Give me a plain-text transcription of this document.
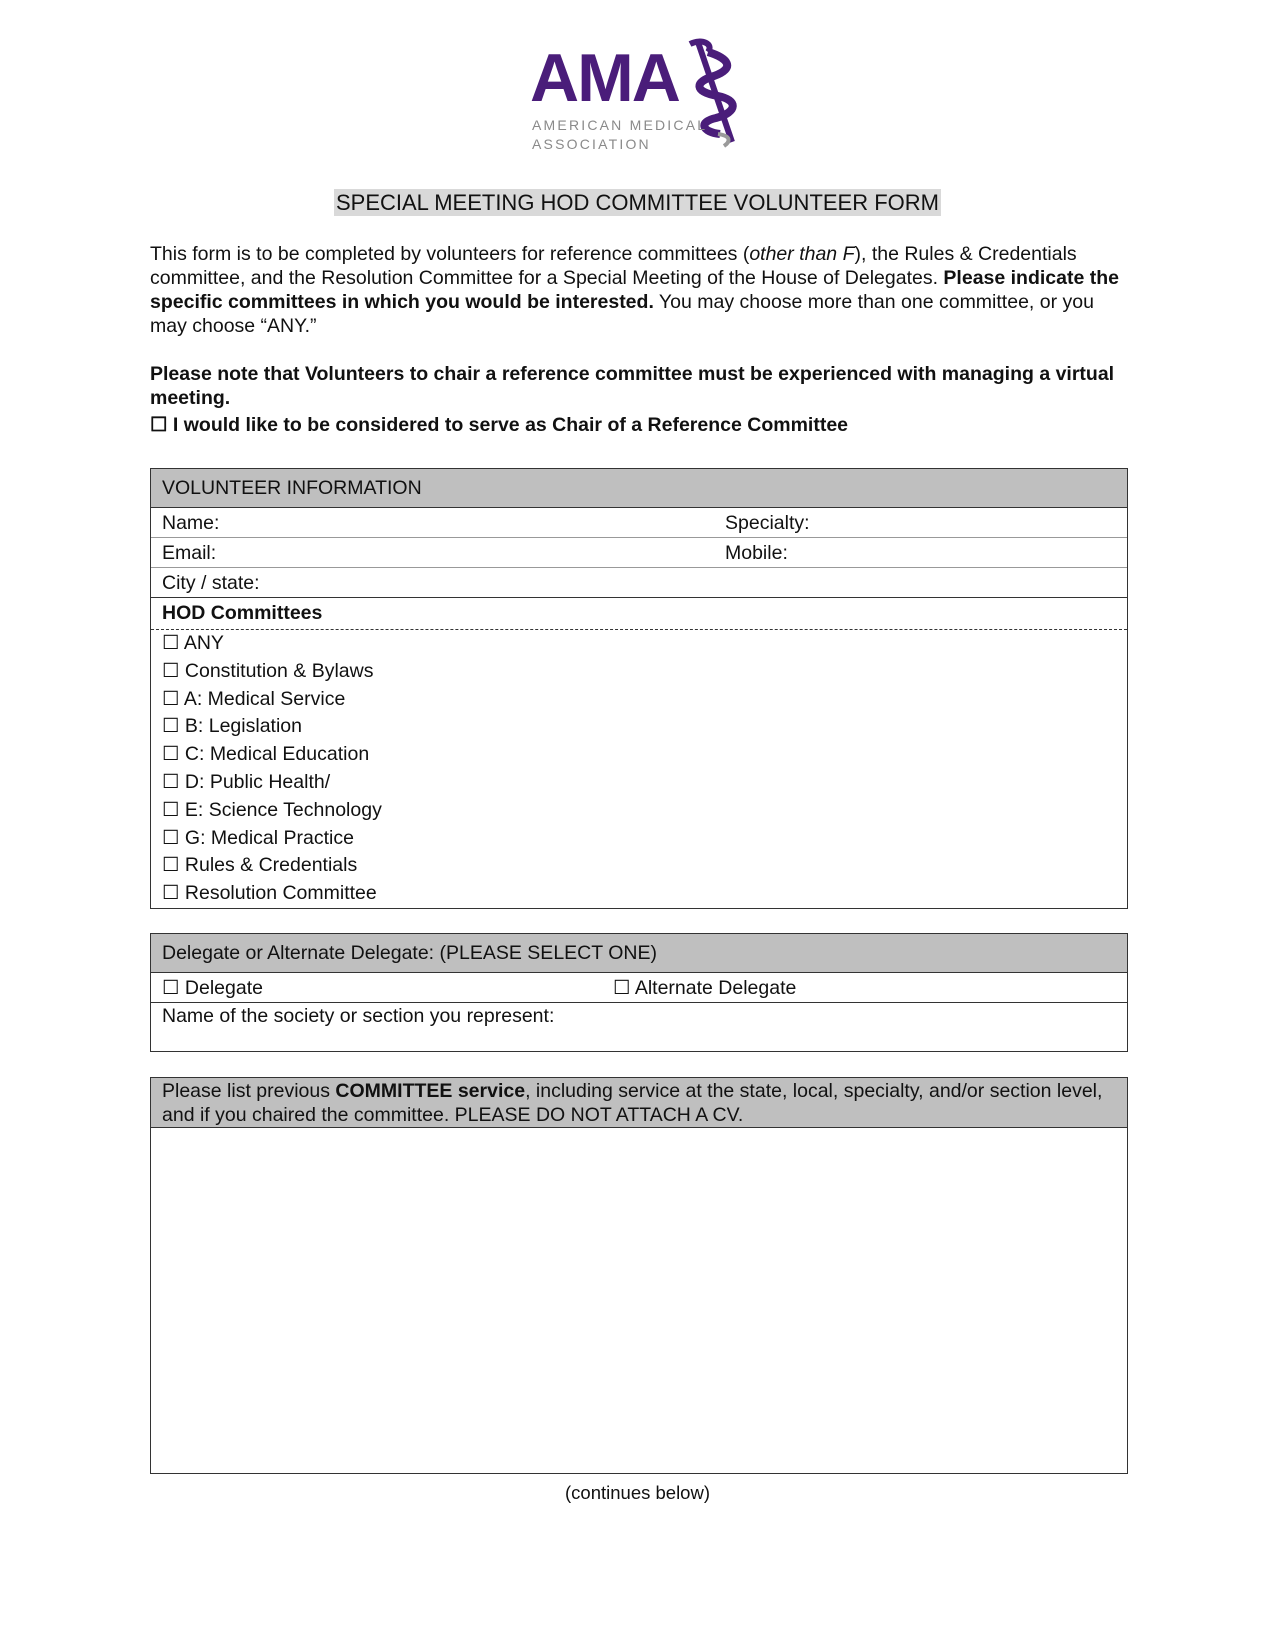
AMA
AMERICAN MEDICAL
ASSOCIATION
SPECIAL MEETING HOD COMMITTEE VOLUNTEER FORM
This form is to be completed by volunteers for reference committees (other than F), the Rules & Credentials committee, and the Resolution Committee for a Special Meeting of the House of Delegates. Please indicate the specific committees in which you would be interested. You may choose more than one committee, or you may choose “ANY.”
Please note that Volunteers to chair a reference committee must be experienced with managing a virtual meeting.
☐ I would like to be considered to serve as Chair of a Reference Committee
VOLUNTEER INFORMATION
Name:	Specialty:
Email:	Mobile:
City / state:
HOD Committees
☐ ANY
☐ Constitution & Bylaws
☐ A: Medical Service
☐ B: Legislation
☐ C: Medical Education
☐ D: Public Health/
☐ E: Science Technology
☐ G: Medical Practice
☐ Rules & Credentials
☐ Resolution Committee
Delegate or Alternate Delegate: (PLEASE SELECT ONE)
☐ Delegate	☐ Alternate Delegate
Name of the society or section you represent:
Please list previous COMMITTEE service, including service at the state, local, specialty, and/or section level, and if you chaired the committee. PLEASE DO NOT ATTACH A CV.
(continues below)
